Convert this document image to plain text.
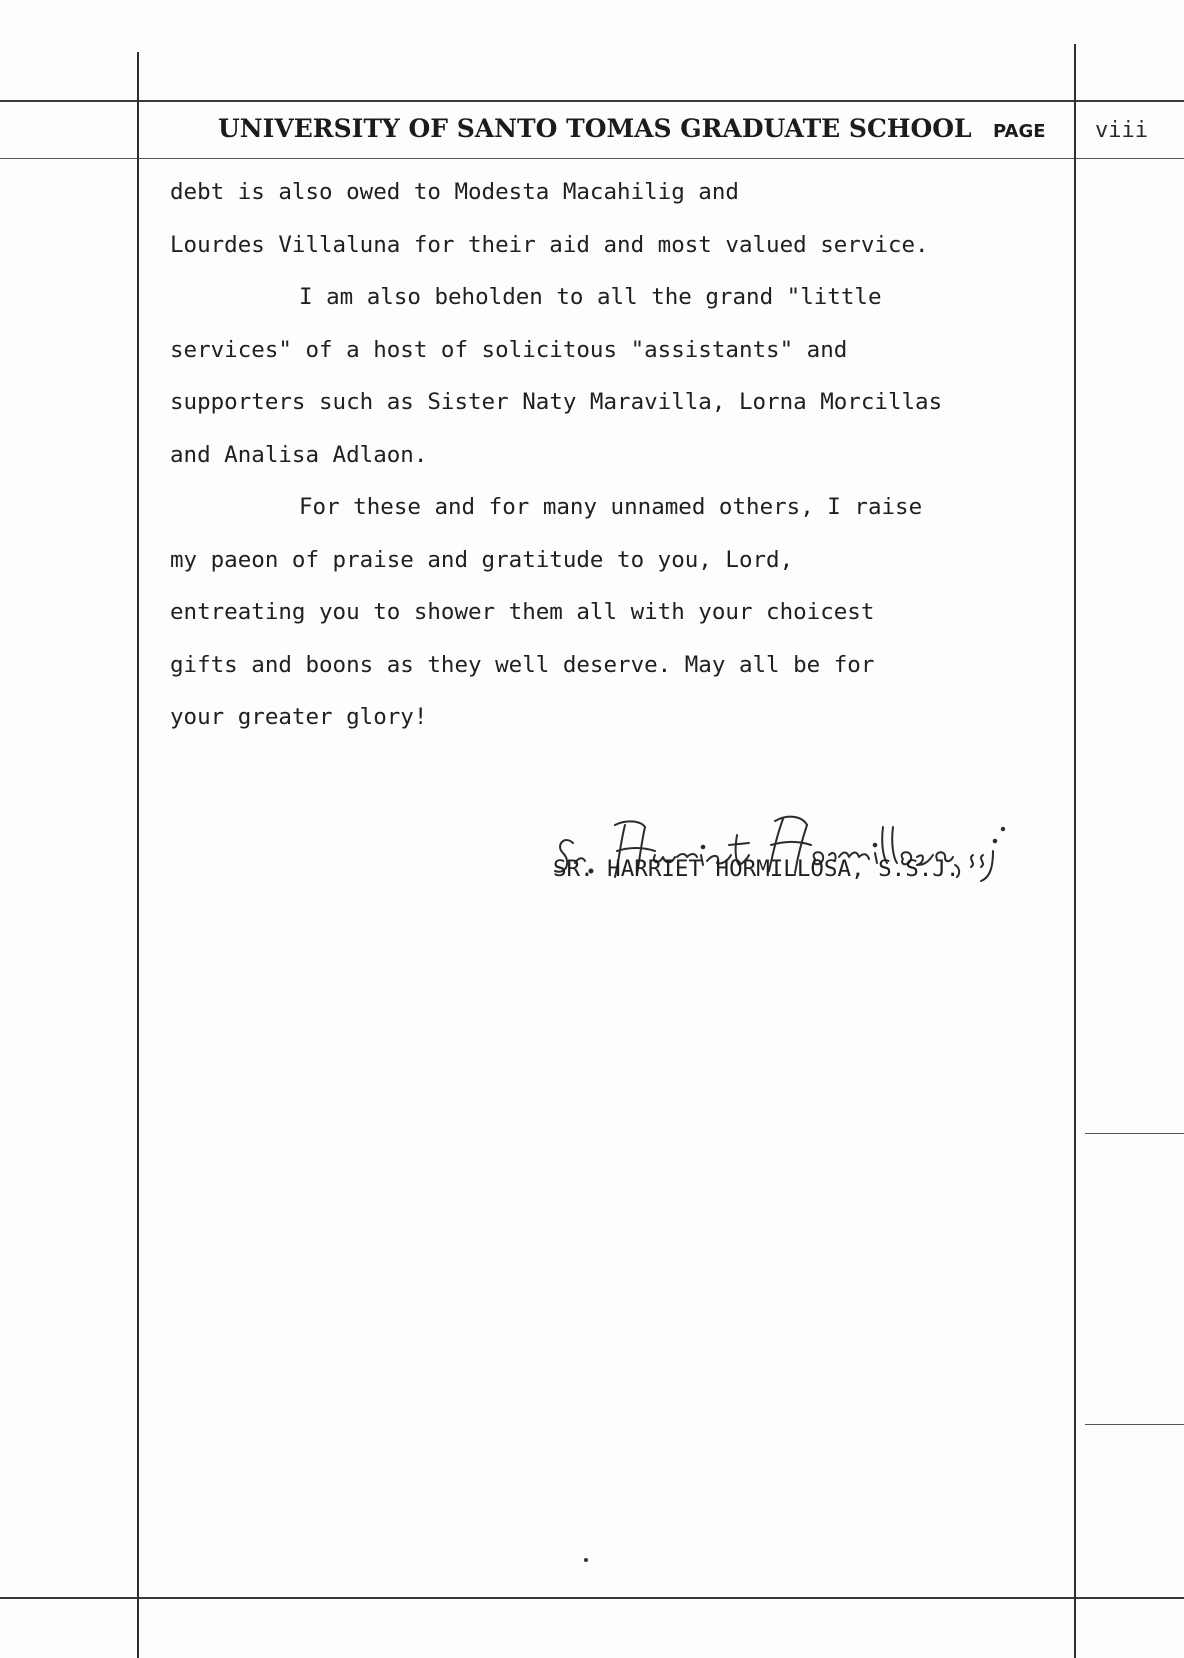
UNIVERSITY OF SANTO TOMAS GRADUATE SCHOOL PAGE viii
debt is also owed to Modesta Macahilig and
Lourdes Villaluna for their aid and most valued service.
I am also beholden to all the grand "little
services" of a host of solicitous "assistants" and
supporters such as Sister Naty Maravilla, Lorna Morcillas
and Analisa Adlaon.
For these and for many unnamed others, I raise
my paeon of praise and gratitude to you, Lord,
entreating you to shower them all with your choicest
gifts and boons as they well deserve. May all be for
your greater glory!
SR. HARRIET HORMILLOSA, S.S.J.
